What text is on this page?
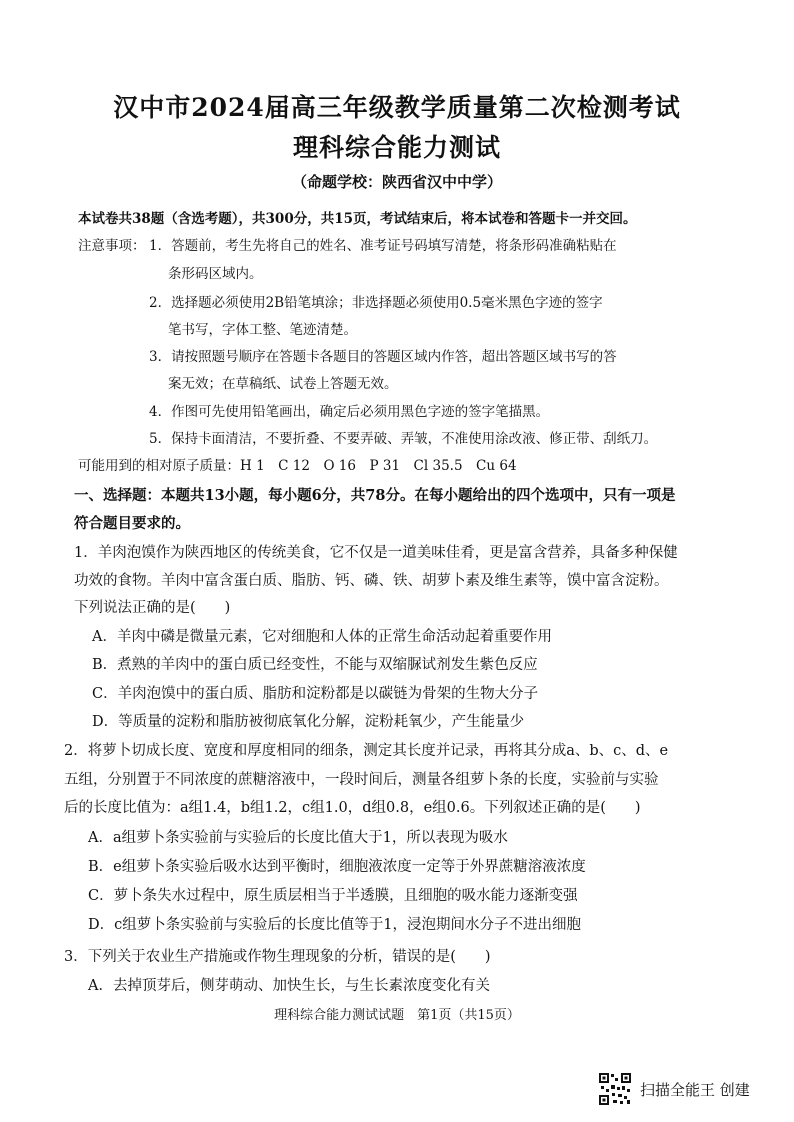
汉中市2024届高三年级教学质量第二次检测考试
理科综合能力测试
（命题学校：陕西省汉中中学）
本试卷共38题（含选考题），共300分，共15页，考试结束后，将本试卷和答题卡一并交回。
注意事项： 1．答题前，考生先将自己的姓名、准考证号码填写清楚，将条形码准确粘贴在
条形码区域内。
2．选择题必须使用2B铅笔填涂；非选择题必须使用0.5毫米黑色字迹的签字
笔书写，字体工整、笔迹清楚。
3．请按照题号顺序在答题卡各题目的答题区域内作答，超出答题区域书写的答
案无效；在草稿纸、试卷上答题无效。
4．作图可先使用铅笔画出，确定后必须用黑色字迹的签字笔描黑。
5．保持卡面清洁，不要折叠、不要弄破、弄皱，不准使用涂改液、修正带、刮纸刀。
可能用到的相对原子质量：H 1　C 12　O 16　P 31　Cl 35.5　Cu 64
一、选择题：本题共13小题，每小题6分，共78分。在每小题给出的四个选项中，只有一项是
符合题目要求的。
1．羊肉泡馍作为陕西地区的传统美食，它不仅是一道美味佳肴，更是富含营养，具备多种保健
功效的食物。羊肉中富含蛋白质、脂肪、钙、磷、铁、胡萝卜素及维生素等，馍中富含淀粉。
下列说法正确的是(　　)
A．羊肉中磷是微量元素，它对细胞和人体的正常生命活动起着重要作用
B．煮熟的羊肉中的蛋白质已经变性，不能与双缩脲试剂发生紫色反应
C．羊肉泡馍中的蛋白质、脂肪和淀粉都是以碳链为骨架的生物大分子
D．等质量的淀粉和脂肪被彻底氧化分解，淀粉耗氧少，产生能量少
2．将萝卜切成长度、宽度和厚度相同的细条，测定其长度并记录，再将其分成a、b、c、d、e
五组，分别置于不同浓度的蔗糖溶液中，一段时间后，测量各组萝卜条的长度，实验前与实验
后的长度比值为：a组1.4，b组1.2，c组1.0，d组0.8，e组0.6。下列叙述正确的是(　　)
A．a组萝卜条实验前与实验后的长度比值大于1，所以表现为吸水
B．e组萝卜条实验后吸水达到平衡时，细胞液浓度一定等于外界蔗糖溶液浓度
C．萝卜条失水过程中，原生质层相当于半透膜，且细胞的吸水能力逐渐变强
D．c组萝卜条实验前与实验后的长度比值等于1，浸泡期间水分子不进出细胞
3．下列关于农业生产措施或作物生理现象的分析，错误的是(　　)
A．去掉顶芽后，侧芽萌动、加快生长，与生长素浓度变化有关
理科综合能力测试试题　第1页（共15页）
扫描全能王 创建
